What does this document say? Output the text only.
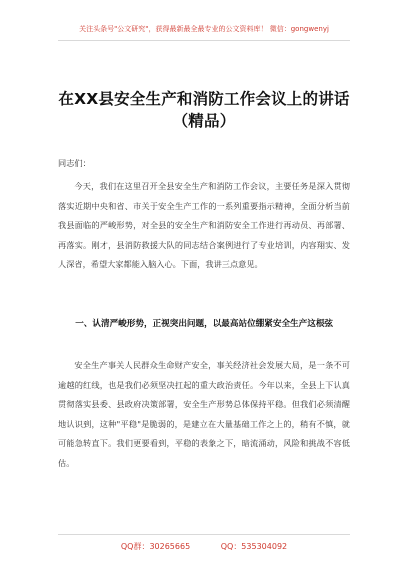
关注头条号"公文研究"，获得最新最全最专业的公文资料库！ 微信：gongwenyj
在XX县安全生产和消防工作会议上的讲话（精品）

同志们：

今天，我们在这里召开全县安全生产和消防工作会议，主要任务是深入贯彻落实近期中央和省、市关于安全生产工作的一系列重要指示精神，全面分析当前我县面临的严峻形势，对全县的安全生产和消防安全工作进行再动员、再部署、再落实。刚才，县消防救援大队的同志结合案例进行了专业培训，内容翔实、发人深省，希望大家都能入脑入心。下面，我讲三点意见。

一、认清严峻形势，正视突出问题，以最高站位绷紧安全生产这根弦

安全生产事关人民群众生命财产安全，事关经济社会发展大局，是一条不可逾越的红线，也是我们必须坚决扛起的重大政治责任。今年以来，全县上下认真贯彻落实县委、县政府决策部署，安全生产形势总体保持平稳。但我们必须清醒地认识到，这种"平稳"是脆弱的，是建立在大量基础工作之上的，稍有不慎，就可能急转直下。我们更要看到，平稳的表象之下，暗流涌动，风险和挑战不容低估。

QQ群：30265665	QQ：535304092
